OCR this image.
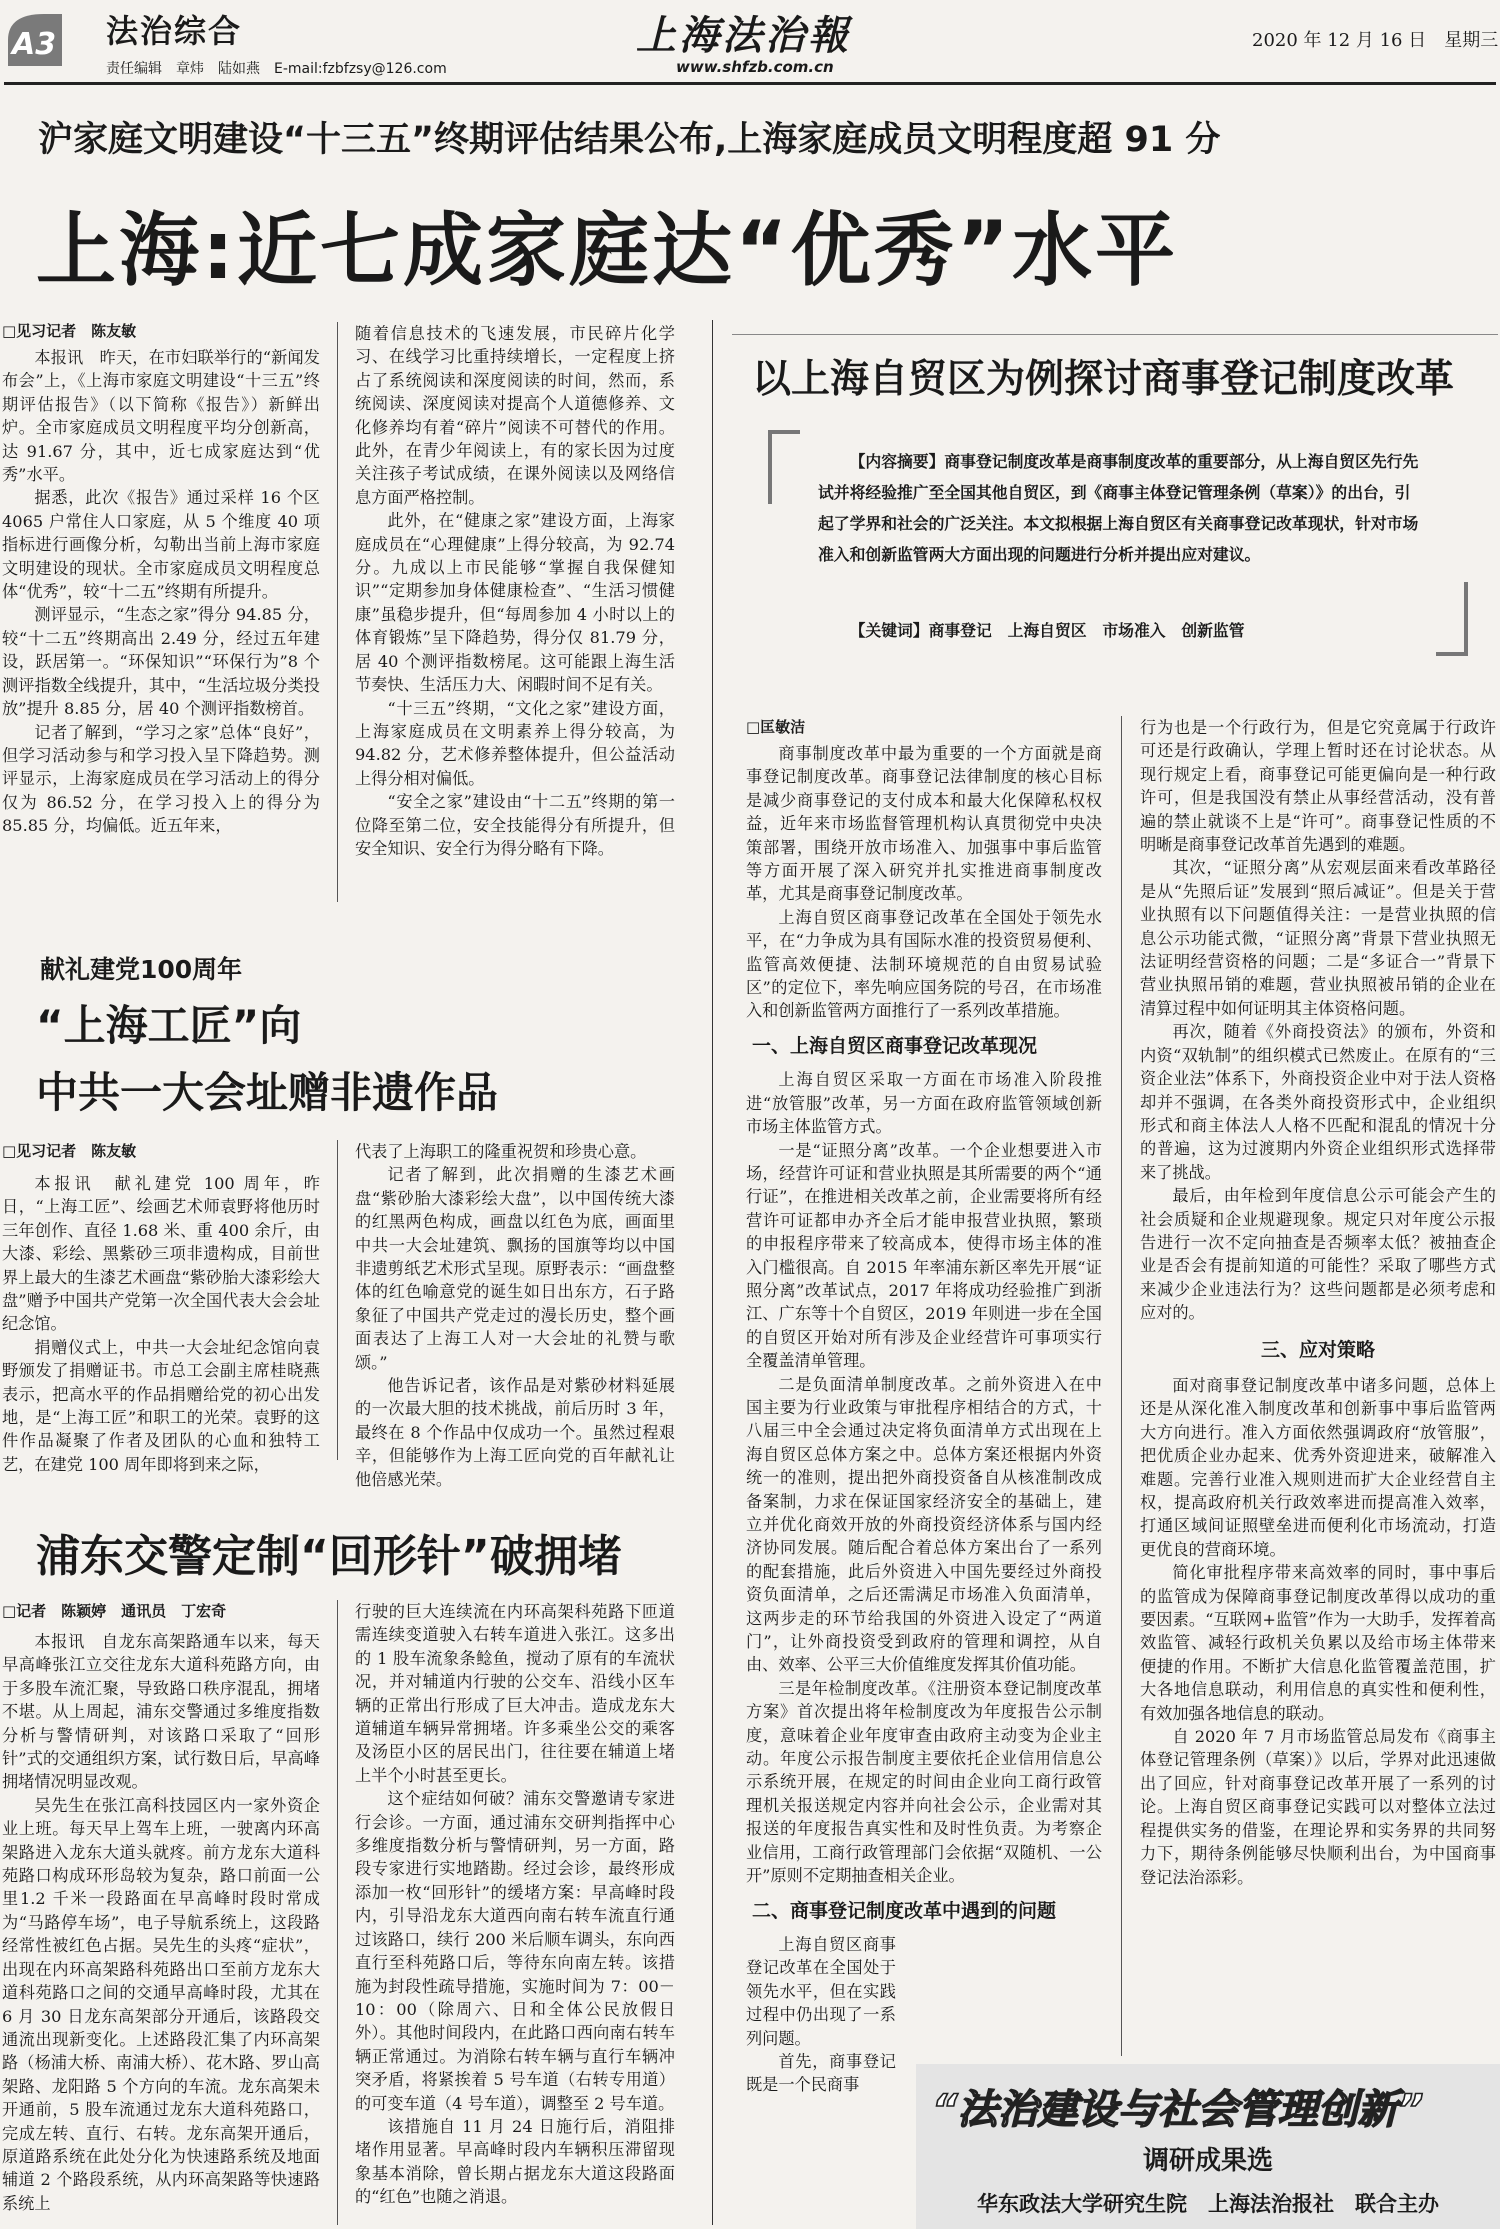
A3 法治综合
责任编辑　章炜　陆如燕　E-mail:fzbfzsy@126.com
上海法治報
www.shfzb.com.cn
2020 年 12 月 16 日　星期三
沪家庭文明建设“十三五”终期评估结果公布,上海家庭成员文明程度超 91 分
上海:近七成家庭达“优秀”水平
□见习记者　陈友敏

本报讯　昨天，在市妇联举行的“新闻发布会”上，《上海市家庭文明建设“十三五”终期评估报告》（以下简称《报告》）新鲜出炉。全市家庭成员文明程度平均分创新高，达 91.67 分，其中，近七成家庭达到“优秀”水平。

据悉，此次《报告》通过采样 16 个区 4065 户常住人口家庭，从 5 个维度 40 项指标进行画像分析，勾勒出当前上海市家庭文明建设的现状。全市家庭成员文明程度总体“优秀”，较“十二五”终期有所提升。

测评显示，“生态之家”得分 94.85 分，较“十二五”终期高出 2.49 分，经过五年建设，跃居第一。“环保知识”“环保行为”8 个测评指数全线提升，其中，“生活垃圾分类投放”提升 8.85 分，居 40 个测评指数榜首。

记者了解到，“学习之家”总体“良好”，但学习活动参与和学习投入呈下降趋势。测评显示，上海家庭成员在学习活动上的得分仅为 86.52 分，在学习投入上的得分为 85.85 分，均偏低。近五年来，

随着信息技术的飞速发展，市民碎片化学习、在线学习比重持续增长，一定程度上挤占了系统阅读和深度阅读的时间，然而，系统阅读、深度阅读对提高个人道德修养、文化修养均有着“碎片”阅读不可替代的作用。此外，在青少年阅读上，有的家长因为过度关注孩子考试成绩，在课外阅读以及网络信息方面严格控制。

此外，在“健康之家”建设方面，上海家庭成员在“心理健康”上得分较高，为 92.74 分。九成以上市民能够“掌握自我保健知识”“定期参加身体健康检查”、“生活习惯健康”虽稳步提升，但“每周参加 4 小时以上的体育锻炼”呈下降趋势，得分仅 81.79 分，居 40 个测评指数榜尾。这可能跟上海生活节奏快、生活压力大、闲暇时间不足有关。

“十三五”终期，“文化之家”建设方面，上海家庭成员在文明素养上得分较高，为 94.82 分，艺术修养整体提升，但公益活动上得分相对偏低。

“安全之家”建设由“十二五”终期的第一位降至第二位，安全技能得分有所提升，但安全知识、安全行为得分略有下降。

献礼建党100周年
“上海工匠”向
中共一大会址赠非遗作品
□见习记者　陈友敏

本报讯　献礼建党 100 周年，昨日，“上海工匠”、绘画艺术师袁野将他历时三年创作、直径 1.68 米、重 400 余斤，由大漆、彩绘、黑紫砂三项非遗构成，目前世界上最大的生漆艺术画盘“紫砂胎大漆彩绘大盘”赠予中国共产党第一次全国代表大会会址纪念馆。

捐赠仪式上，中共一大会址纪念馆向袁野颁发了捐赠证书。市总工会副主席桂晓燕表示，把高水平的作品捐赠给党的初心出发地，是“上海工匠”和职工的光荣。袁野的这件作品凝聚了作者及团队的心血和独特工艺，在建党 100 周年即将到来之际，

代表了上海职工的隆重祝贺和珍贵心意。

记者了解到，此次捐赠的生漆艺术画盘“紫砂胎大漆彩绘大盘”，以中国传统大漆的红黑两色构成，画盘以红色为底，画面里中共一大会址建筑、飘扬的国旗等均以中国非遗剪纸艺术形式呈现。原野表示：“画盘整体的红色喻意党的诞生如日出东方，石子路象征了中国共产党走过的漫长历史，整个画面表达了上海工人对一大会址的礼赞与歌颂。”

他告诉记者，该作品是对紫砂材料延展的一次最大胆的技术挑战，前后历时 3 年，最终在 8 个作品中仅成功一个。虽然过程艰辛，但能够作为上海工匠向党的百年献礼让他倍感光荣。

浦东交警定制“回形针”破拥堵
□记者　陈颖婷　通讯员　丁宏奇

本报讯　自龙东高架路通车以来，每天早高峰张江立交往龙东大道科苑路方向，由于多股车流汇聚，导致路口秩序混乱，拥堵不堪。从上周起，浦东交警通过多维度指数分析与警情研判，对该路口采取了“回形针”式的交通组织方案，试行数日后，早高峰拥堵情况明显改观。

吴先生在张江高科技园区内一家外资企业上班。每天早上驾车上班，一驶离内环高架路进入龙东大道头就疼。前方龙东大道科苑路口构成环形岛较为复杂，路口前面一公里1.2 千米一段路面在早高峰时段时常成为“马路停车场”，电子导航系统上，这段路经常性被红色占据。吴先生的头疼“症状”，出现在内环高架路科苑路出口至前方龙东大道科苑路口之间的交通早高峰时段，尤其在 6 月 30 日龙东高架部分开通后，该路段交通流出现新变化。上述路段汇集了内环高架路（杨浦大桥、南浦大桥）、花木路、罗山高架路、龙阳路 5 个方向的车流。龙东高架未开通前，5 股车流通过龙东大道科苑路口，完成左转、直行、右转。龙东高架开通后，原道路系统在此处分化为快速路系统及地面辅道 2 个路段系统，从内环高架路等快速路系统上

行驶的巨大连续流在内环高架科苑路下匝道需连续变道驶入右转车道进入张江。这多出的 1 股车流象条鲶鱼，搅动了原有的车流状况，并对辅道内行驶的公交车、沿线小区车辆的正常出行形成了巨大冲击。造成龙东大道辅道车辆异常拥堵。许多乘坐公交的乘客及汤臣小区的居民出门，往往要在辅道上堵上半个小时甚至更长。

这个症结如何破？浦东交警邀请专家进行会诊。一方面，通过浦东交研判指挥中心多维度指数分析与警情研判，另一方面，路段专家进行实地踏勘。经过会诊，最终形成添加一枚“回形针”的缓堵方案：早高峰时段内，引导沿龙东大道西向南右转车流直行通过该路口，续行 200 米后顺车调头，东向西直行至科苑路口后，等待东向南左转。该措施为封段性疏导措施，实施时间为 7：00－10：00（除周六、日和全体公民放假日外）。其他时间段内，在此路口西向南右转车辆正常通过。为消除右转车辆与直行车辆冲突矛盾，将紧挨着 5 号车道（右转专用道）的可变车道（4 号车道），调整至 2 号车道。

该措施自 11 月 24 日施行后，消阻排堵作用显著。早高峰时段内车辆积压滞留现象基本消除，曾长期占据龙东大道这段路面的“红色”也随之消退。

以上海自贸区为例探讨商事登记制度改革
【内容摘要】商事登记制度改革是商事制度改革的重要部分，从上海自贸区先行先试并将经验推广至全国其他自贸区，到《商事主体登记管理条例（草案）》的出台，引起了学界和社会的广泛关注。本文拟根据上海自贸区有关商事登记改革现状，针对市场准入和创新监管两大方面出现的问题进行分析并提出应对建议。
【关键词】商事登记　上海自贸区　市场准入　创新监管
□匡敏洁

商事制度改革中最为重要的一个方面就是商事登记制度改革。商事登记法律制度的核心目标是减少商事登记的支付成本和最大化保障私权权益，近年来市场监督管理机构认真贯彻党中央决策部署，围绕开放市场准入、加强事中事后监管等方面开展了深入研究并扎实推进商事制度改革，尤其是商事登记制度改革。

上海自贸区商事登记改革在全国处于领先水平，在“力争成为具有国际水准的投资贸易便利、监管高效便捷、法制环境规范的自由贸易试验区”的定位下，率先响应国务院的号召，在市场准入和创新监管两方面推行了一系列改革措施。

一、上海自贸区商事登记改革现况

上海自贸区采取一方面在市场准入阶段推进“放管服”改革，另一方面在政府监管领域创新市场主体监管方式。

一是“证照分离”改革。一个企业想要进入市场，经营许可证和营业执照是其所需要的两个“通行证”，在推进相关改革之前，企业需要将所有经营许可证都申办齐全后才能申报营业执照，繁琐的申报程序带来了较高成本，使得市场主体的准入门槛很高。自 2015 年率浦东新区率先开展“证照分离”改革试点，2017 年将成功经验推广到浙江、广东等十个自贸区，2019 年则进一步在全国的自贸区开始对所有涉及企业经营许可事项实行全覆盖清单管理。

二是负面清单制度改革。之前外资进入在中国主要为行业政策与审批程序相结合的方式，十八届三中全会通过决定将负面清单方式出现在上海自贸区总体方案之中。总体方案还根据内外资统一的准则，提出把外商投资备自从核准制改成备案制，力求在保证国家经济安全的基础上，建立并优化商效开放的外商投资经济体系与国内经济协同发展。随后配合着总体方案出台了一系列的配套措施，此后外资进入中国先要经过外商投资负面清单，之后还需满足市场准入负面清单，这两步走的环节给我国的外资进入设定了“两道门”，让外商投资受到政府的管理和调控，从自由、效率、公平三大价值维度发挥其价值功能。

三是年检制度改革。《注册资本登记制度改革方案》首次提出将年检制度改为年度报告公示制度，意味着企业年度审查由政府主动变为企业主动。年度公示报告制度主要依托企业信用信息公示系统开展，在规定的时间由企业向工商行政管理机关报送规定内容并向社会公示，企业需对其报送的年度报告真实性和及时性负责。为考察企业信用，工商行政管理部门会依据“双随机、一公开”原则不定期抽查相关企业。

二、商事登记制度改革中遇到的问题

上海自贸区商事登记改革在全国处于领先水平，但在实践过程中仍出现了一系列问题。

首先，商事登记既是一个民商事

行为也是一个行政行为，但是它究竟属于行政许可还是行政确认，学理上暂时还在讨论状态。从现行规定上看，商事登记可能更偏向是一种行政许可，但是我国没有禁止从事经营活动，没有普遍的禁止就谈不上是“许可”。商事登记性质的不明晰是商事登记改革首先遇到的难题。

其次，“证照分离”从宏观层面来看改革路径是从“先照后证”发展到“照后减证”。但是关于营业执照有以下问题值得关注：一是营业执照的信息公示功能式微，“证照分离”背景下营业执照无法证明经营资格的问题；二是“多证合一”背景下营业执照吊销的难题，营业执照被吊销的企业在清算过程中如何证明其主体资格问题。

再次，随着《外商投资法》的颁布，外资和内资“双轨制”的组织模式已然废止。在原有的“三资企业法”体系下，外商投资企业中对于法人资格却并不强调，在各类外商投资形式中，企业组织形式和商主体法人人格不匹配和混乱的情况十分的普遍，这为过渡期内外资企业组织形式选择带来了挑战。

最后，由年检到年度信息公示可能会产生的社会质疑和企业规避现象。规定只对年度公示报告进行一次不定向抽查是否频率太低？被抽查企业是否会有提前知道的可能性？采取了哪些方式来减少企业违法行为？这些问题都是必须考虑和应对的。

三、应对策略

面对商事登记制度改革中诸多问题，总体上还是从深化准入制度改革和创新事中事后监管两大方向进行。准入方面依然强调政府“放管服”，把优质企业办起来、优秀外资迎进来，破解准入难题。完善行业准入规则进而扩大企业经营自主权，提高政府机关行政效率进而提高准入效率，打通区域间证照壁垒进而便利化市场流动，打造更优良的营商环境。

简化审批程序带来高效率的同时，事中事后的监管成为保障商事登记制度改革得以成功的重要因素。“互联网+监管”作为一大助手，发挥着高效监管、减轻行政机关负累以及给市场主体带来便捷的作用。不断扩大信息化监管覆盖范围，扩大各地信息联动，利用信息的真实性和便利性，有效加强各地信息的联动。

自 2020 年 7 月市场监管总局发布《商事主体登记管理条例（草案）》以后，学界对此迅速做出了回应，针对商事登记改革开展了一系列的讨论。上海自贸区商事登记实践可以对整体立法过程提供实务的借鉴，在理论界和实务界的共同努力下，期待条例能够尽快顺利出台，为中国商事登记法治添彩。

“法治建设与社会管理创新”
调研成果选
华东政法大学研究生院　上海法治报社　联合主办
